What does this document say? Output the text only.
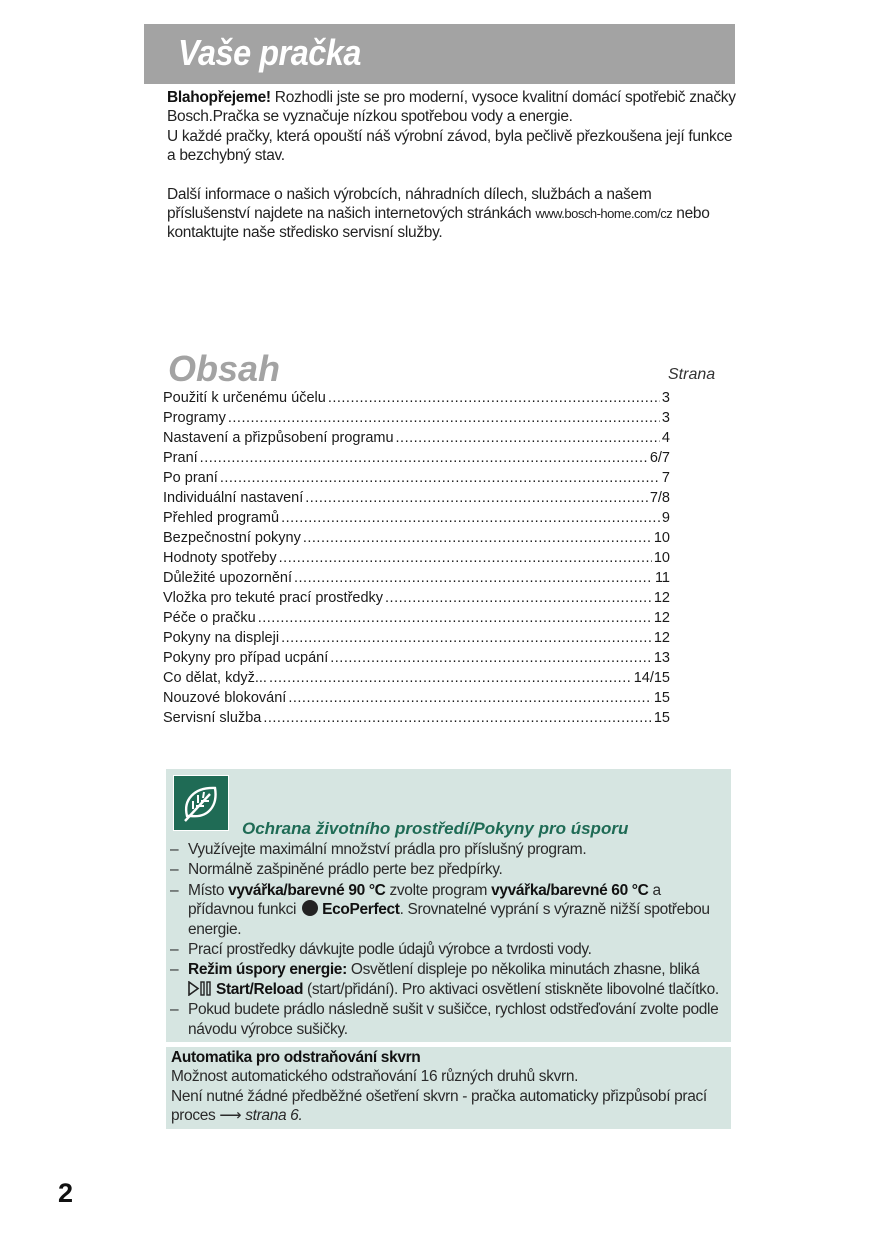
Vaše pračka

Blahopřejeme! Rozhodli jste se pro moderní, vysoce kvalitní domácí spotřebič značky Bosch.Pračka se vyznačuje nízkou spotřebou vody a energie.

U každé pračky, která opouští náš výrobní závod, byla pečlivě přezkoušena její funkce a bezchybný stav.

Další informace o našich výrobcích, náhradních dílech, službách a našem příslušenství najdete na našich internetových stránkách www.bosch-home.com/cz nebo kontaktujte naše středisko servisní služby.

Obsah	Strana
Použití k určenému účelu .....	3
Programy .....	3
Nastavení a přizpůsobení programu .....	4
Praní .....	6/7
Po praní .....	7
Individuální nastavení .....	7/8
Přehled programů .....	9
Bezpečnostní pokyny .....	10
Hodnoty spotřeby .....	10
Důležité upozornění .....	11
Vložka pro tekuté prací prostředky .....	12
Péče o pračku .....	12
Pokyny na displeji .....	12
Pokyny pro případ ucpání .....	13
Co dělat, když... .....	14/15
Nouzové blokování .....	15
Servisní služba .....	15
Ochrana životního prostředí/Pokyny pro úsporu
– Využívejte maximální množství prádla pro příslušný program.
– Normálně zašpiněné prádlo perte bez předpírky.
– Místo vyvářka/barevné 90 °C zvolte program vyvářka/barevné 60 °C a přídavnou funkci EcoPerfect. Srovnatelné vyprání s výrazně nižší spotřebou energie.
– Prací prostředky dávkujte podle údajů výrobce a tvrdosti vody.
– Režim úspory energie: Osvětlení displeje po několika minutách zhasne, bliká
Start/Reload (start/přidání). Pro aktivaci osvětlení stiskněte libovolné tlačítko.
– Pokud budete prádlo následně sušit v sušičce, rychlost odstřeďování zvolte podle návodu výrobce sušičky.
Automatika pro odstraňování skvrn
Možnost automatického odstraňování 16 různých druhů skvrn.
Není nutné žádné předběžné ošetření skvrn - pračka automaticky přizpůsobí prací proces ⟶ strana 6.
2
